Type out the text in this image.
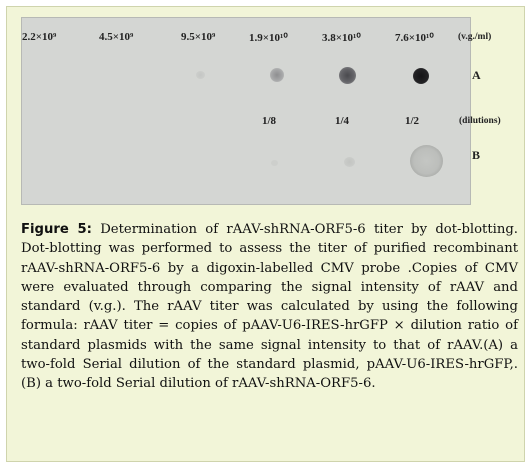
2.2×10⁹	4.5×10⁹	9.5×10⁹	1.9×10¹⁰	3.8×10¹⁰	7.6×10¹⁰	(v.g./ml)
A
1/8	1/4	1/2	(dilutions)
B

Figure 5: Determination of rAAV-shRNA-ORF5-6 titer by dot-blotting. Dot-blotting was performed to assess the titer of purified recombinant rAAV-shRNA-ORF5-6 by a digoxin-labelled CMV probe .Copies of CMV were evaluated through comparing the signal intensity of rAAV and standard (v.g.). The rAAV titer was calculated by using the following formula: rAAV titer = copies of pAAV-U6-IRES-hrGFP × dilution ratio of standard plasmids with the same signal intensity to that of rAAV.(A) a two-fold Serial dilution of the standard plasmid, pAAV-U6-IRES-hrGFP,. (B) a two-fold Serial dilution of rAAV-shRNA-ORF5-6.
